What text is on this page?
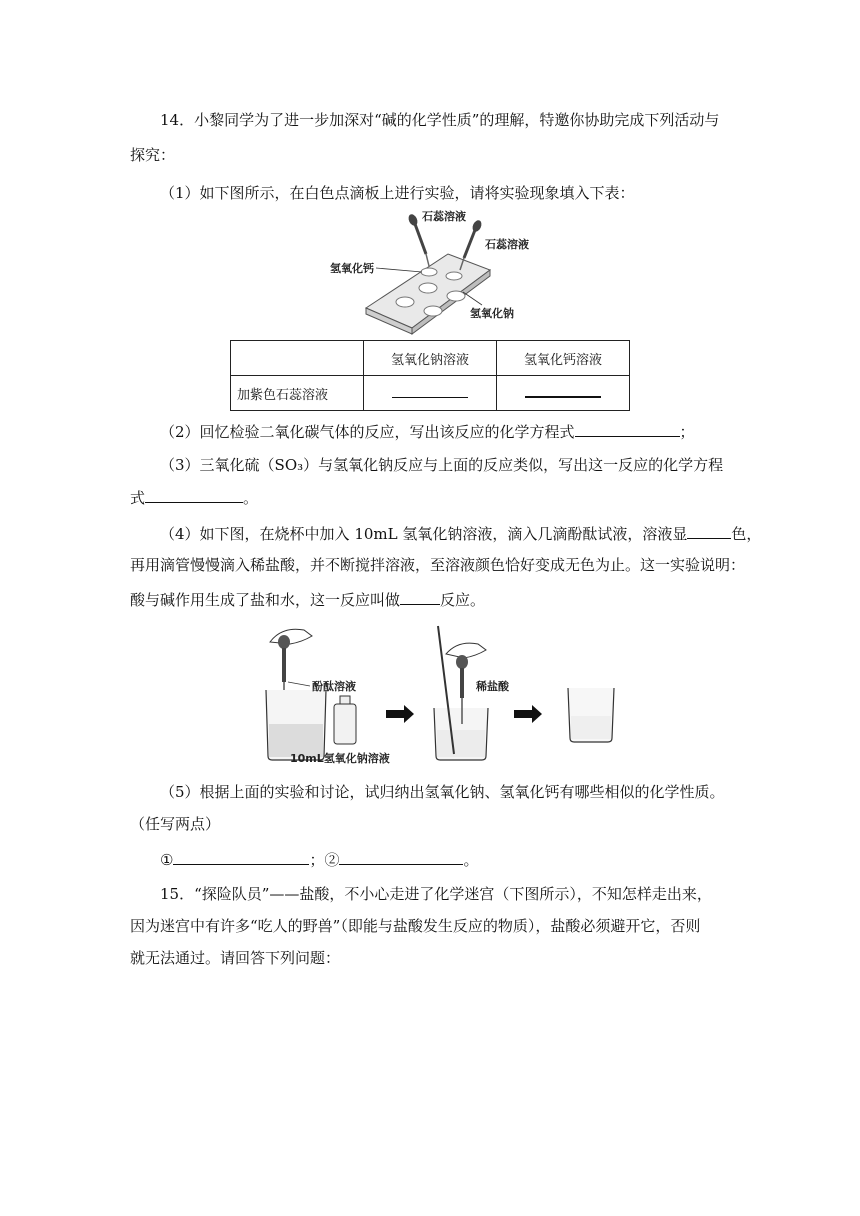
14．小黎同学为了进一步加深对“碱的化学性质”的理解，特邀你协助完成下列活动与
探究：
（1）如下图所示，在白色点滴板上进行实验，请将实验现象填入下表：
石蕊溶液
石蕊溶液
氢氧化钙
氢氧化钠
	氢氧化钠溶液	氢氧化钙溶液
加紫色石蕊溶液		
（2）回忆检验二氧化碳气体的反应，写出该反应的化学方程式	；
（3）三氧化硫（SO₃）与氢氧化钠反应与上面的反应类似，写出这一反应的化学方程
式	。
（4）如下图，在烧杯中加入 10mL 氢氧化钠溶液，滴入几滴酚酞试液，溶液显	色，
再用滴管慢慢滴入稀盐酸，并不断搅拌溶液，至溶液颜色恰好变成无色为止。这一实验说明：
酸与碱作用生成了盐和水，这一反应叫做	反应。
酚酞溶液
10mL氢氧化钠溶液
稀盐酸
（5）根据上面的实验和讨论，试归纳出氢氧化钠、氢氧化钙有哪些相似的化学性质。
（任写两点）
①	；②	。
15．“探险队员”——盐酸，不小心走进了化学迷宫（下图所示），不知怎样走出来，
因为迷宫中有许多“吃人的野兽”（即能与盐酸发生反应的物质），盐酸必须避开它，否则
就无法通过。请回答下列问题：
